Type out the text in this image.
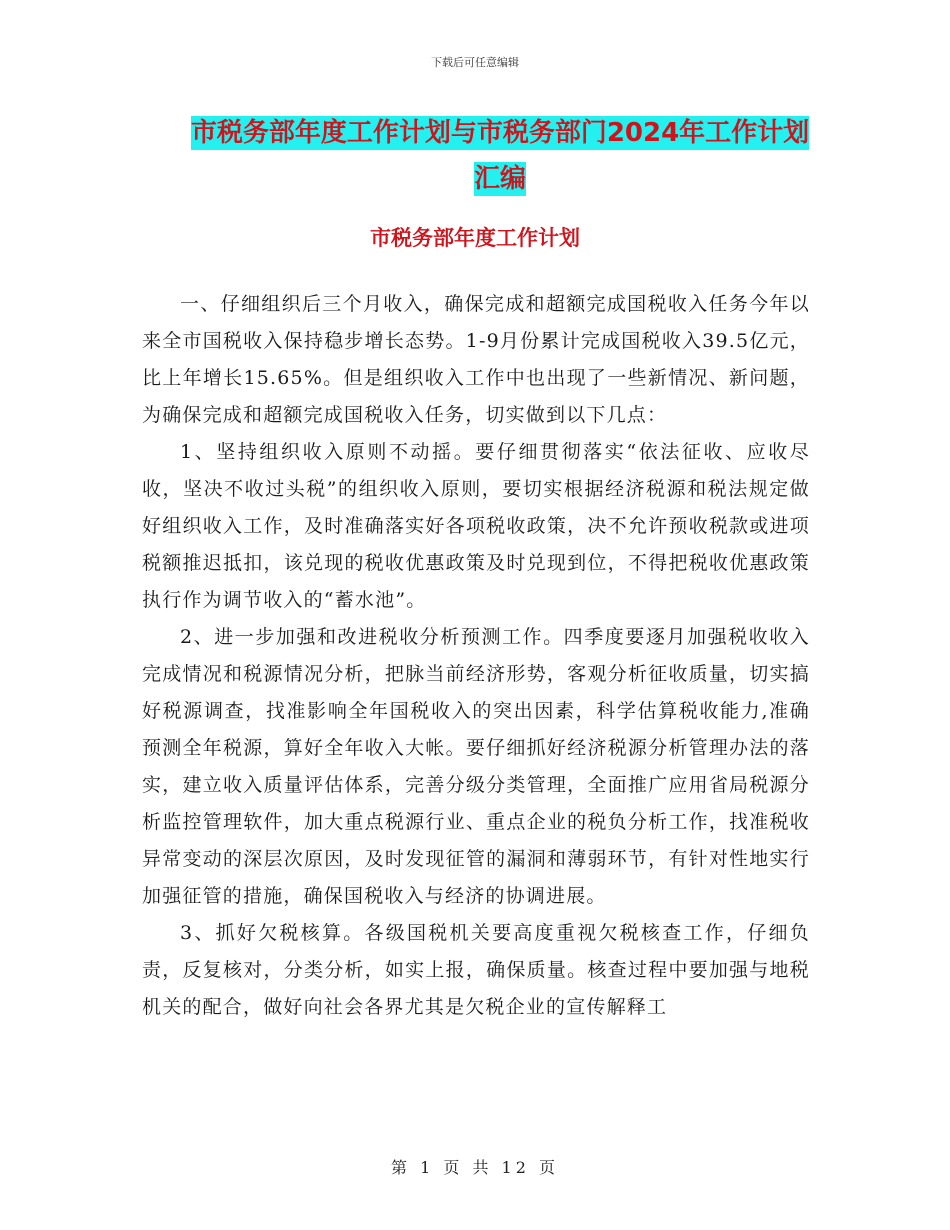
下载后可任意编辑
市税务部年度工作计划与市税务部门2024年工作计划
汇编
市税务部年度工作计划

一、仔细组织后三个月收入，确保完成和超额完成国税收入任务今年以来全市国税收入保持稳步增长态势。1-9月份累计完成国税收入39.5亿元，比上年增长15.65%。但是组织收入工作中也出现了一些新情况、新问题，为确保完成和超额完成国税收入任务，切实做到以下几点：

1、坚持组织收入原则不动摇。要仔细贯彻落实“依法征收、应收尽收，坚决不收过头税”的组织收入原则，要切实根据经济税源和税法规定做好组织收入工作，及时准确落实好各项税收政策，决不允许预收税款或进项税额推迟抵扣，该兑现的税收优惠政策及时兑现到位，不得把税收优惠政策执行作为调节收入的“蓄水池”。

2、进一步加强和改进税收分析预测工作。四季度要逐月加强税收收入完成情况和税源情况分析，把脉当前经济形势，客观分析征收质量，切实搞好税源调查，找准影响全年国税收入的突出因素，科学估算税收能力,准确预测全年税源，算好全年收入大帐。要仔细抓好经济税源分析管理办法的落实，建立收入质量评估体系，完善分级分类管理，全面推广应用省局税源分析监控管理软件，加大重点税源行业、重点企业的税负分析工作，找准税收异常变动的深层次原因，及时发现征管的漏洞和薄弱环节，有针对性地实行加强征管的措施，确保国税收入与经济的协调进展。

3、抓好欠税核算。各级国税机关要高度重视欠税核查工作，仔细负责，反复核对，分类分析，如实上报，确保质量。核查过程中要加强与地税机关的配合，做好向社会各界尤其是欠税企业的宣传解释工

第 1 页 共 12 页
